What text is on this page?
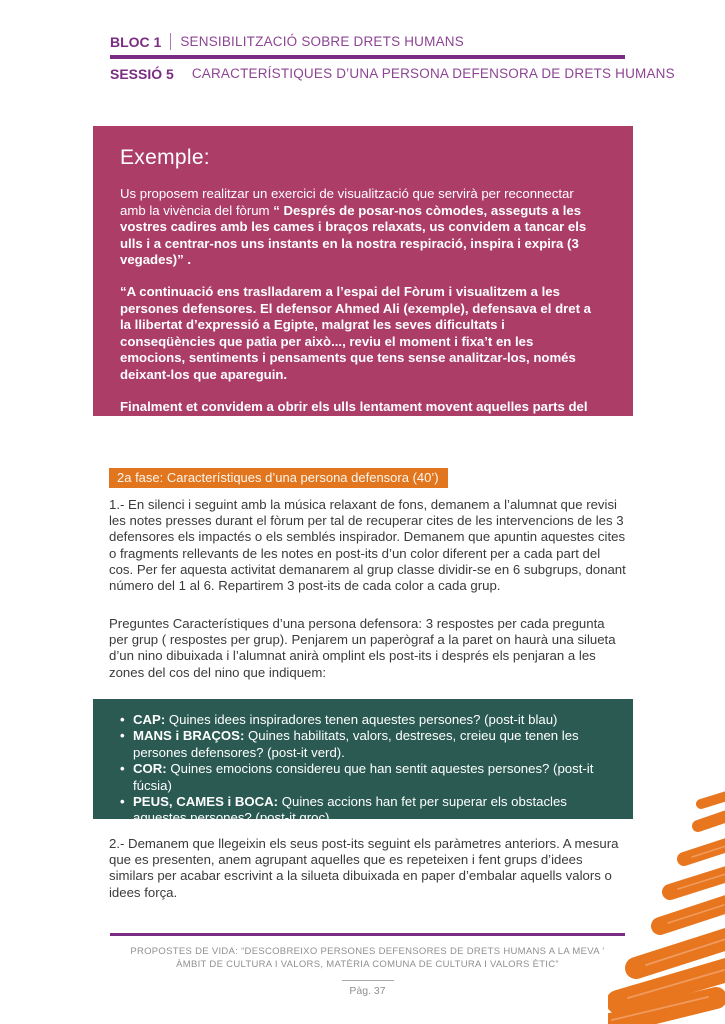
BLOC 1 SENSIBILITZACIÓ SOBRE DRETS HUMANS
SESSIÓ 5 CARACTERÍSTIQUES D’UNA PERSONA DEFENSORA DE DRETS HUMANS
Exemple:

Us proposem realitzar un exercici de visualització que servirà per reconnectar amb la vivència del fòrum “ Després de posar-nos còmodes, asseguts a les vostres cadires amb les cames i braços relaxats, us convidem a tancar els ulls i a centrar-nos uns instants en la nostra respiració, inspira i expira (3 vegades)” .

“A continuació ens traslladarem a l’espai del Fòrum i visualitzem a les persones defensores. El defensor Ahmed Ali (exemple), defensava el dret a la llibertat d’expressió a Egipte, malgrat les seves dificultats i conseqüències que patia per això..., reviu el moment i fixa’t en les emocions, sentiments i pensaments que tens sense analitzar-los, només deixant-los que apareguin.

Finalment et convidem a obrir els ulls lentament movent aquelles parts del cos on ho necessitis i a fer una darrera respiració acabant la meditació.”

2a fase: Característiques d’una persona defensora (40’)

1.- En silenci i seguint amb la música relaxant de fons, demanem a l’alumnat que revisi les notes presses durant el fòrum per tal de recuperar cites de les intervencions de les 3 defensores els impactés o els semblés inspirador. Demanem que apuntin aquestes cites o fragments rellevants de les notes en post-its d’un color diferent per a cada part del cos. Per fer aquesta activitat demanarem al grup classe dividir-se en 6 subgrups, donant número del 1 al 6. Repartirem 3 post-its de cada color a cada grup.

Preguntes Característiques d’una persona defensora: 3 respostes per cada pregunta per grup ( respostes per grup). Penjarem un paperògraf a la paret on haurà una silueta d’un nino dibuixada i l’alumnat anirà omplint els post-its i després els penjaran a les zones del cos del nino que indiquem:

• CAP: Quines idees inspiradores tenen aquestes persones? (post-it blau)
• MANS i BRAÇOS: Quines habilitats, valors, destreses, creieu que tenen les persones defensores? (post-it verd).
• COR: Quines emocions considereu que han sentit aquestes persones? (post-it fúcsia)
• PEUS, CAMES i BOCA: Quines accions han fet per superar els obstacles aquestes persones? (post-it groc)

2.- Demanem que llegeixin els seus post-its seguint els paràmetres anteriors. A mesura que es presenten, anem agrupant aquelles que es repeteixen i fent grups d’idees similars per acabar escrivint a la silueta dibuixada en paper d’embalar aquells valors o idees força.

PROPOSTES DE VIDA: “DESCOBREIXO PERSONES DEFENSORES DE DRETS HUMANS A LA MEVA ’

ÀMBIT DE CULTURA I VALORS, MATÈRIA COMUNA DE CULTURA I VALORS ÈTIC”

Pàg. 37
